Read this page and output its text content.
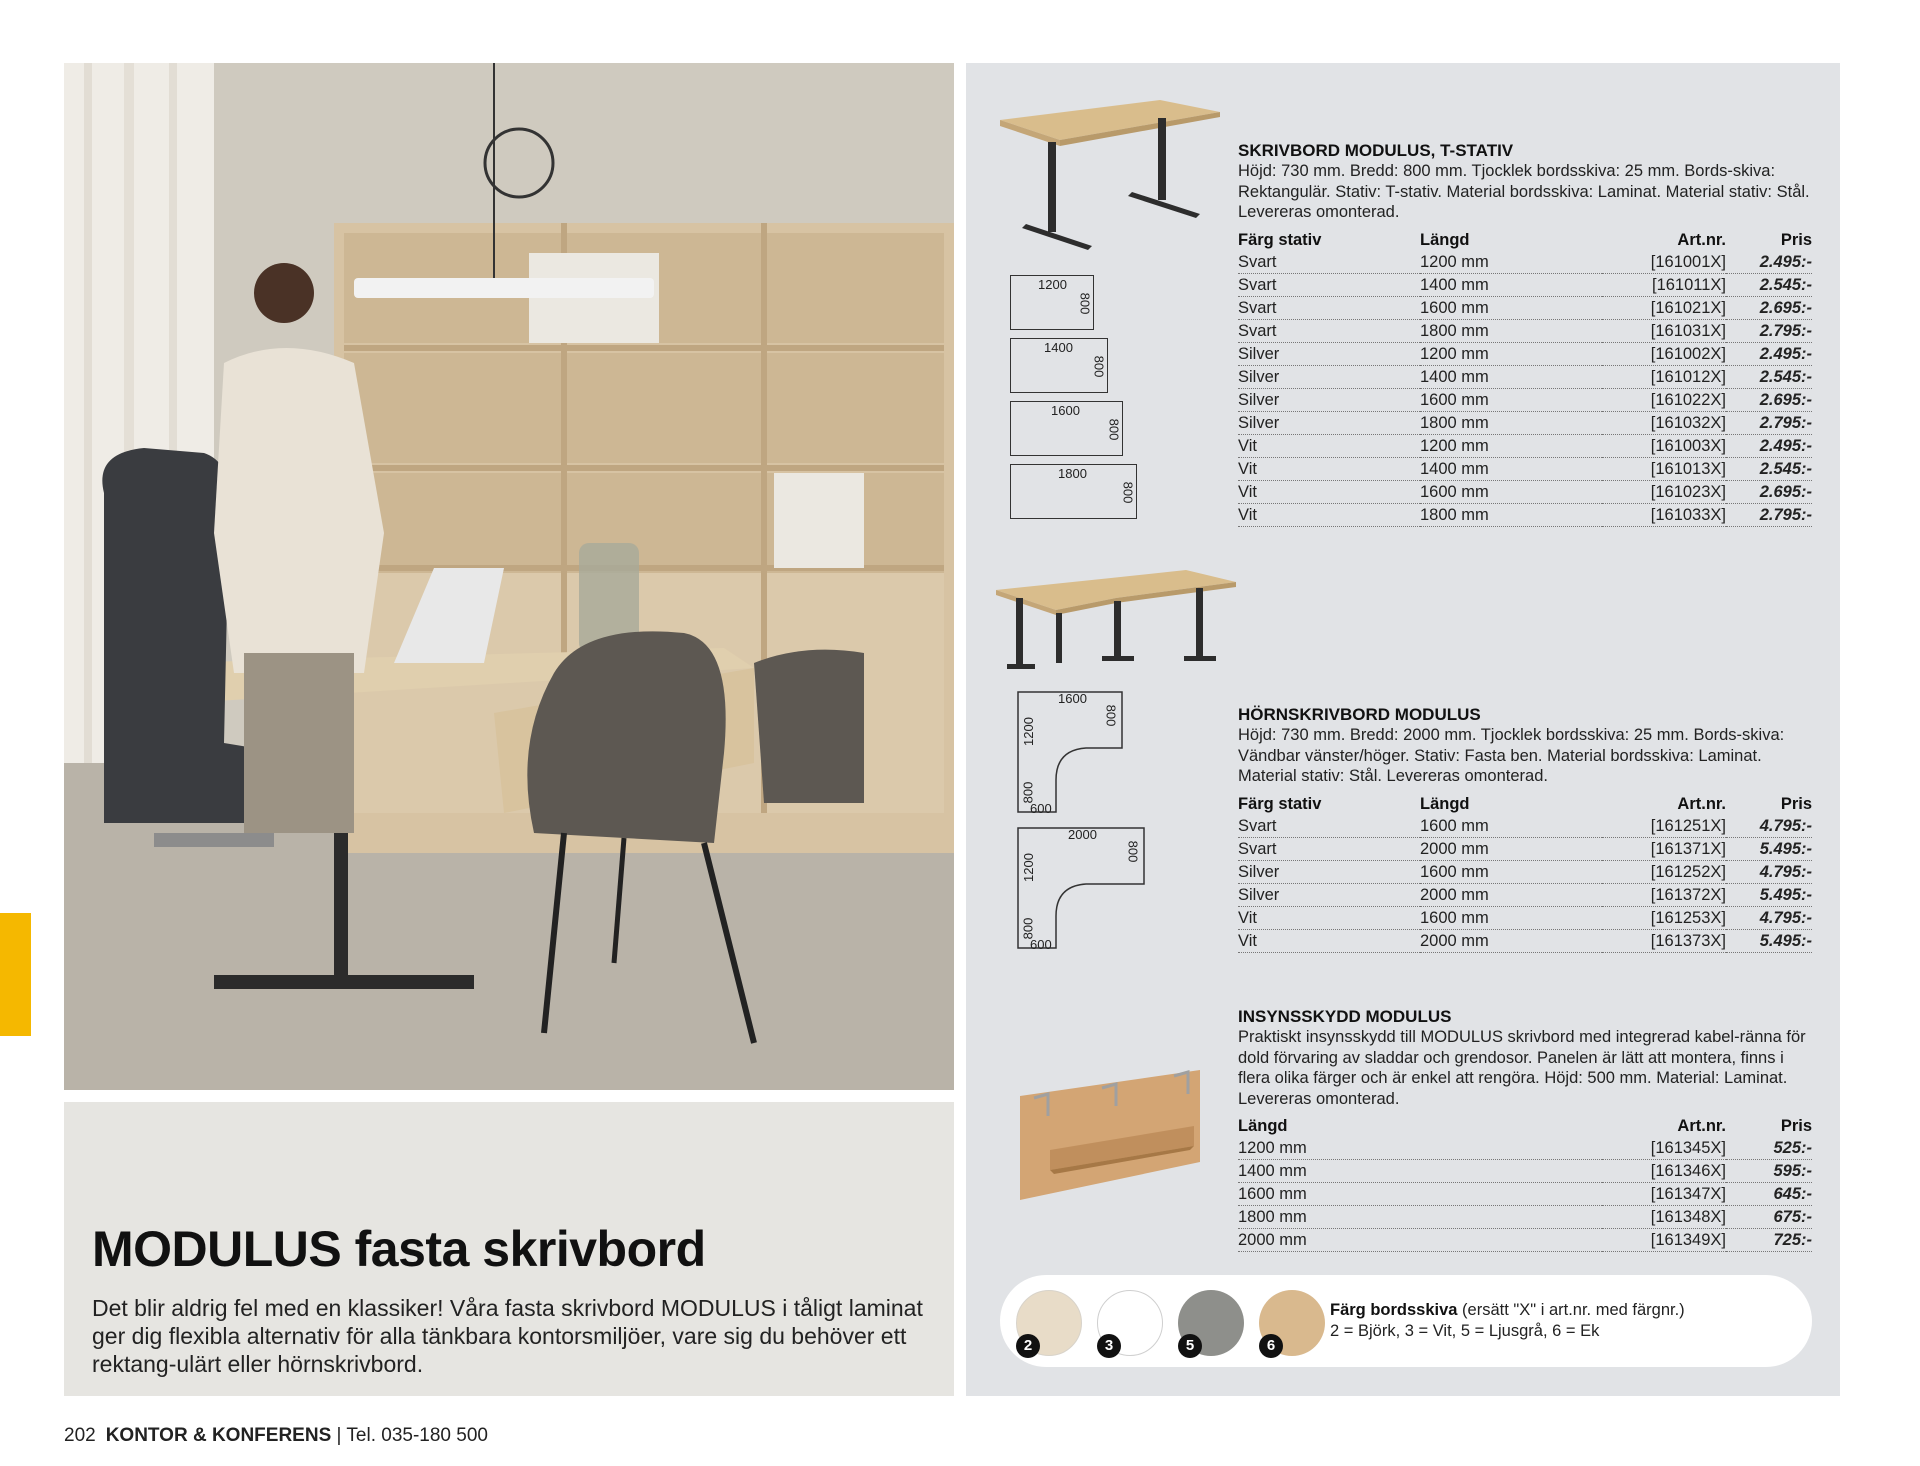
MODULUS fasta skrivbord
Det blir aldrig fel med en klassiker! Våra fasta skrivbord MODULUS i tåligt laminat ger dig flexibla alternativ för alla tänkbara kontorsmiljöer, vare sig du behöver ett rektang-ulärt eller hörnskrivbord.
1200
800
1400
800
1600
800
1800
800
SKRIVBORD MODULUS, T-STATIV
Höjd: 730 mm. Bredd: 800 mm. Tjocklek bordsskiva: 25 mm. Bords-skiva: Rektangulär. Stativ: T-stativ. Material bordsskiva: Laminat. Material stativ: Stål. Levereras omonterad.
Färg stativ	Längd	Art.nr.	Pris
Svart	1200 mm	[161001X]	2.495:-
Svart	1400 mm	[161011X]	2.545:-
Svart	1600 mm	[161021X]	2.695:-
Svart	1800 mm	[161031X]	2.795:-
Silver	1200 mm	[161002X]	2.495:-
Silver	1400 mm	[161012X]	2.545:-
Silver	1600 mm	[161022X]	2.695:-
Silver	1800 mm	[161032X]	2.795:-
Vit	1200 mm	[161003X]	2.495:-
Vit	1400 mm	[161013X]	2.545:-
Vit	1600 mm	[161023X]	2.695:-
Vit	1800 mm	[161033X]	2.795:-
1600
800
1200
800
600
2000
800
1200
800
600
HÖRNSKRIVBORD MODULUS
Höjd: 730 mm. Bredd: 2000 mm. Tjocklek bordsskiva: 25 mm. Bords-skiva: Vändbar vänster/höger. Stativ: Fasta ben. Material bordsskiva: Laminat. Material stativ: Stål. Levereras omonterad.
Färg stativ	Längd	Art.nr.	Pris
Svart	1600 mm	[161251X]	4.795:-
Svart	2000 mm	[161371X]	5.495:-
Silver	1600 mm	[161252X]	4.795:-
Silver	2000 mm	[161372X]	5.495:-
Vit	1600 mm	[161253X]	4.795:-
Vit	2000 mm	[161373X]	5.495:-
INSYNSSKYDD MODULUS
Praktiskt insynsskydd till MODULUS skrivbord med integrerad kabel-ränna för dold förvaring av sladdar och grendosor. Panelen är lätt att montera, finns i flera olika färger och är enkel att rengöra. Höjd: 500 mm. Material: Laminat. Levereras omonterad.
Längd	Art.nr.	Pris
1200 mm	[161345X]	525:-
1400 mm	[161346X]	595:-
1600 mm	[161347X]	645:-
1800 mm	[161348X]	675:-
2000 mm	[161349X]	725:-
2	3	5	6
Färg bordsskiva (ersätt "X" i art.nr. med färgnr.)
2 = Björk, 3 = Vit, 5 = Ljusgrå, 6 = Ek
202 KONTOR & KONFERENS | Tel. 035-180 500
